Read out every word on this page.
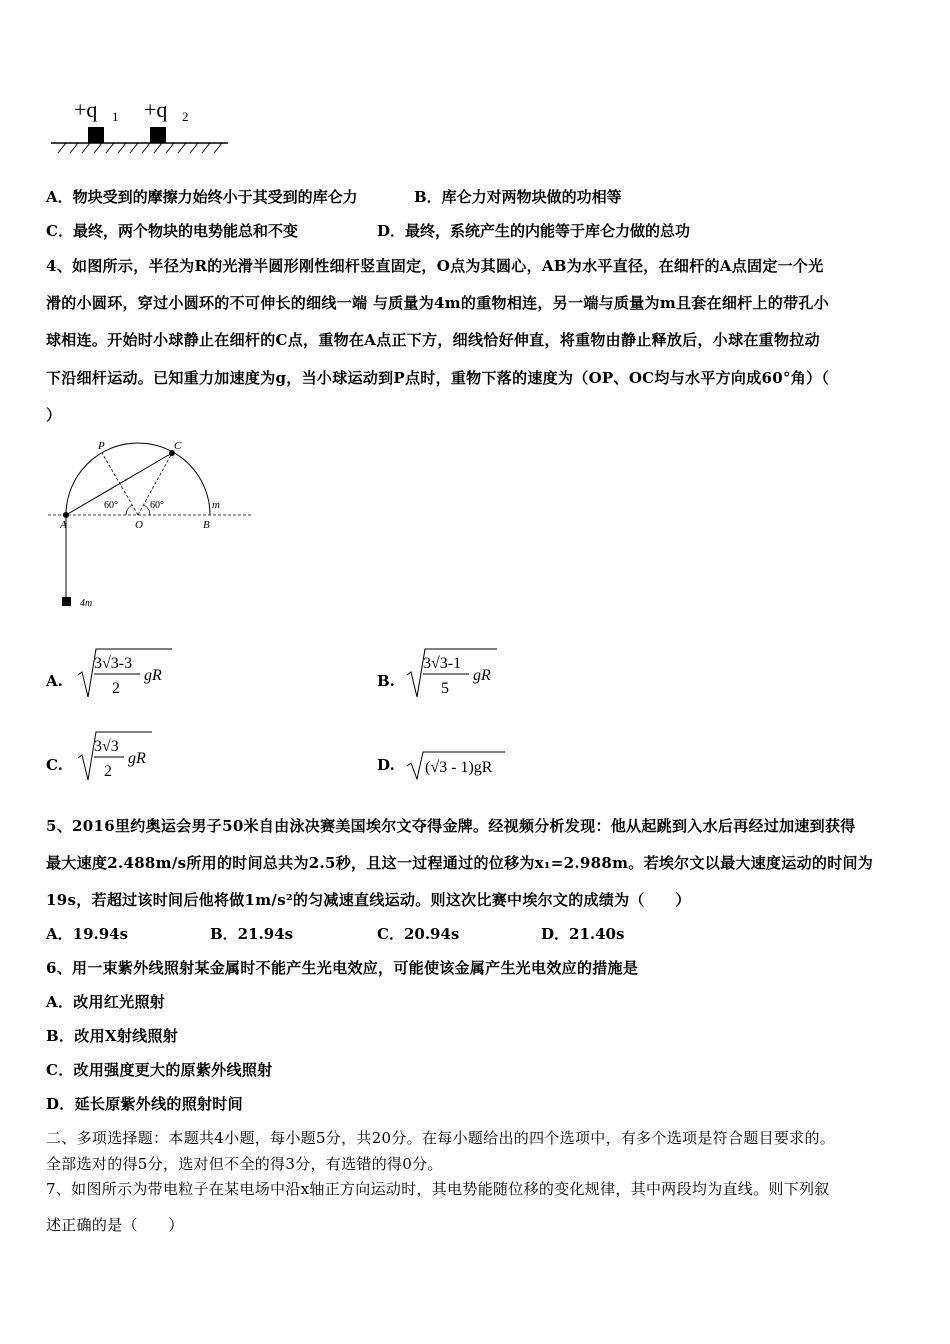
+q 1 +q 2
A．物块受到的摩擦力始终小于其受到的库仑力	B．库仑力对两物块做的功相等
C．最终，两个物块的电势能总和不变	D．最终，系统产生的内能等于库仑力做的总功
4、如图所示，半径为R的光滑半圆形刚性细杆竖直固定，O点为其圆心，AB为水平直径，在细杆的A点固定一个光
滑的小圆环，穿过小圆环的不可伸长的细线一端 与质量为4m的重物相连，另一端与质量为m且套在细杆上的带孔小
球相连。开始时小球静止在细杆的C点，重物在A点正下方，细线恰好伸直，将重物由静止释放后，小球在重物拉动
下沿细杆运动。已知重力加速度为g，当小球运动到P点时，重物下落的速度为（OP、OC均与水平方向成60°角）（
）
P	C
A	O	B
m
60°	60°
4m
A.
3√3-3
2
gR	B.
3√3-1
5
gR
C.
3√3
2
gR	D. (√3 - 1)gR
5、2016里约奥运会男子50米自由泳决赛美国埃尔文夺得金牌。经视频分析发现：他从起跳到入水后再经过加速到获得
最大速度2.488m/s所用的时间总共为2.5秒，且这一过程通过的位移为x₁=2.988m。若埃尔文以最大速度运动的时间为
19s，若超过该时间后他将做1m/s²的匀减速直线运动。则这次比赛中埃尔文的成绩为（　　）
A．19.94s	B．21.94s	C．20.94s	D．21.40s
6、用一束紫外线照射某金属时不能产生光电效应，可能使该金属产生光电效应的措施是
A．改用红光照射
B．改用X射线照射
C．改用强度更大的原紫外线照射
D．延长原紫外线的照射时间
二、多项选择题：本题共4小题，每小题5分，共20分。在每小题给出的四个选项中，有多个选项是符合题目要求的。
全部选对的得5分，选对但不全的得3分，有选错的得0分。
7、如图所示为带电粒子在某电场中沿x轴正方向运动时，其电势能随位移的变化规律，其中两段均为直线。则下列叙
述正确的是（　　）
